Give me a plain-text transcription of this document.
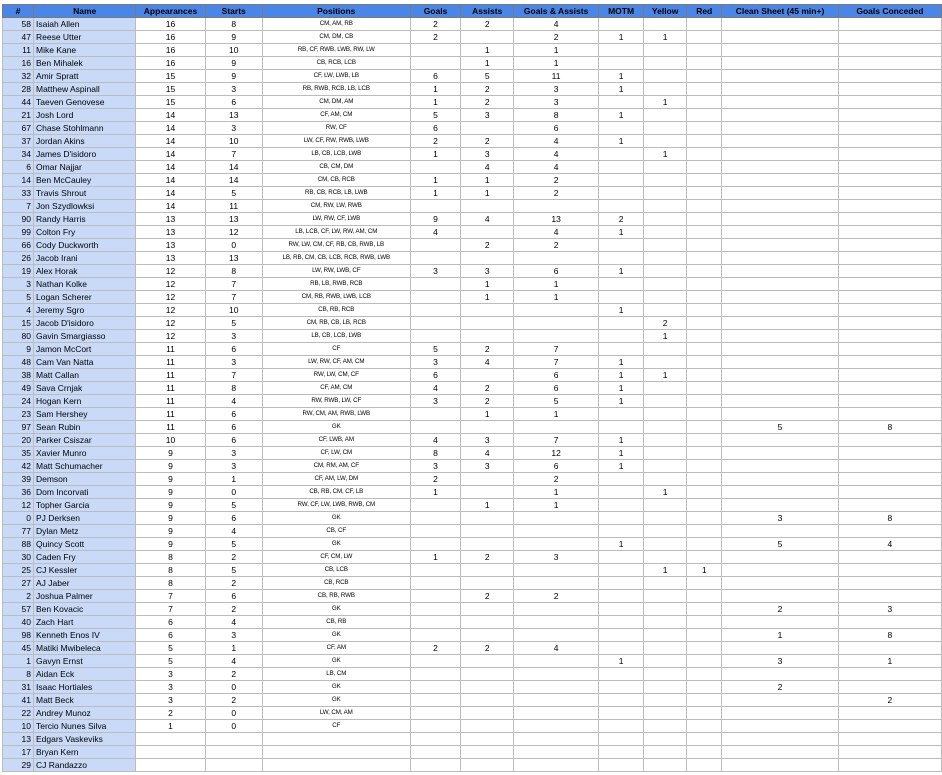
#	Name	Appearances	Starts	Positions	Goals	Assists	Goals & Assists	MOTM	Yellow	Red	Clean Sheet (45 min+)	Goals Conceded
58	Isaiah Allen	16	8	CM, AM, RB	2	2	4					
47	Reese Utter	16	9	CM, DM, CB	2		2	1	1			
11	Mike Kane	16	10	RB, CF, RWB, LWB, RW, LW		1	1					
16	Ben Mihalek	16	9	CB, RCB, LCB		1	1					
32	Amir Spratt	15	9	CF, LW, LWB, LB	6	5	11	1				
28	Matthew Aspinall	15	3	RB, RWB, RCB, LB, LCB	1	2	3	1				
44	Taeven Genovese	15	6	CM, DM, AM	1	2	3		1			
21	Josh Lord	14	13	CF, AM, CM	5	3	8	1				
67	Chase Stohlmann	14	3	RW, CF	6		6					
37	Jordan Akins	14	10	LW, CF, RW, RWB, LWB	2	2	4	1				
34	James D'isidoro	14	7	LB, CB, LCB, LWB	1	3	4		1			
6	Omar Najjar	14	14	CB, CM, DM		4	4					
14	Ben McCauley	14	14	CM, CB, RCB	1	1	2					
33	Travis Shrout	14	5	RB, CB, RCB, LB, LWB	1	1	2					
7	Jon Szydlowksi	14	11	CM, RW, LW, RWB								
90	Randy Harris	13	13	LW, RW, CF, LWB	9	4	13	2				
99	Colton Fry	13	12	LB, LCB, CF, LW, RW, AM, CM	4		4	1				
66	Cody Duckworth	13	0	RW, LW, CM, CF, RB, CB, RWB, LB		2	2					
26	Jacob Irani	13	13	LB, RB, CM, CB, LCB, RCB, RWB, LWB								
19	Alex Horak	12	8	LW, RW, LWB, CF	3	3	6	1				
3	Nathan Kolke	12	7	RB, LB, RWB, RCB		1	1					
5	Logan Scherer	12	7	CM, RB, RWB, LWB, LCB		1	1					
4	Jeremy Sgro	12	10	CB, RB, RCB				1				
15	Jacob D'isidoro	12	5	CM, RB, CB, LB, RCB					2			
80	Gavin Smargiasso	12	3	LB, CB, LCB, LWB					1			
9	Jamon McCort	11	6	CF	5	2	7					
48	Cam Van Natta	11	3	LW, RW, CF, AM, CM	3	4	7	1				
38	Matt Callan	11	7	RW, LW, CM, CF	6		6	1	1			
49	Sava Crnjak	11	8	CF, AM, CM	4	2	6	1				
24	Hogan Kern	11	4	RW, RWB, LW, CF	3	2	5	1				
23	Sam Hershey	11	6	RW, CM, AM, RWB, LWB		1	1					
97	Sean Rubin	11	6	GK							5	8
20	Parker Csiszar	10	6	CF, LWB, AM	4	3	7	1				
35	Xavier Munro	9	3	CF, LW, CM	8	4	12	1				
42	Matt Schumacher	9	3	CM, RM, AM, CF	3	3	6	1				
39	Demson	9	1	CF, AM, LW, DM	2		2					
36	Dom Incorvati	9	0	CB, RB, CM, CF, LB	1		1		1			
12	Topher Garcia	9	5	RW, CF, LW, LWB, RWB, CM		1	1					
0	PJ Derksen	9	6	GK							3	8
77	Dylan Metz	9	4	CB, CF								
88	Quincy Scott	9	5	GK				1			5	4
30	Caden Fry	8	2	CF, CM, LW	1	2	3					
25	CJ Kessler	8	5	CB, LCB					1	1		
27	AJ Jaber	8	2	CB, RCB								
2	Joshua Palmer	7	6	CB, RB, RWB		2	2					
57	Ben Kovacic	7	2	GK							2	3
40	Zach Hart	6	4	CB, RB								
98	Kenneth Enos IV	6	3	GK							1	8
45	Matiki Mwibeleca	5	1	CF, AM	2	2	4					
1	Gavyn Ernst	5	4	GK				1			3	1
8	Aidan Eck	3	2	LB, CM								
31	Isaac Hortiales	3	0	GK							2	
41	Matt Beck	3	2	GK								2
22	Andrey Munoz	2	0	LW, CM, AM								
10	Tercio Nunes Silva	1	0	CF								
13	Edgars Vaskeviks											
17	Bryan Kern											
29	CJ Randazzo											
